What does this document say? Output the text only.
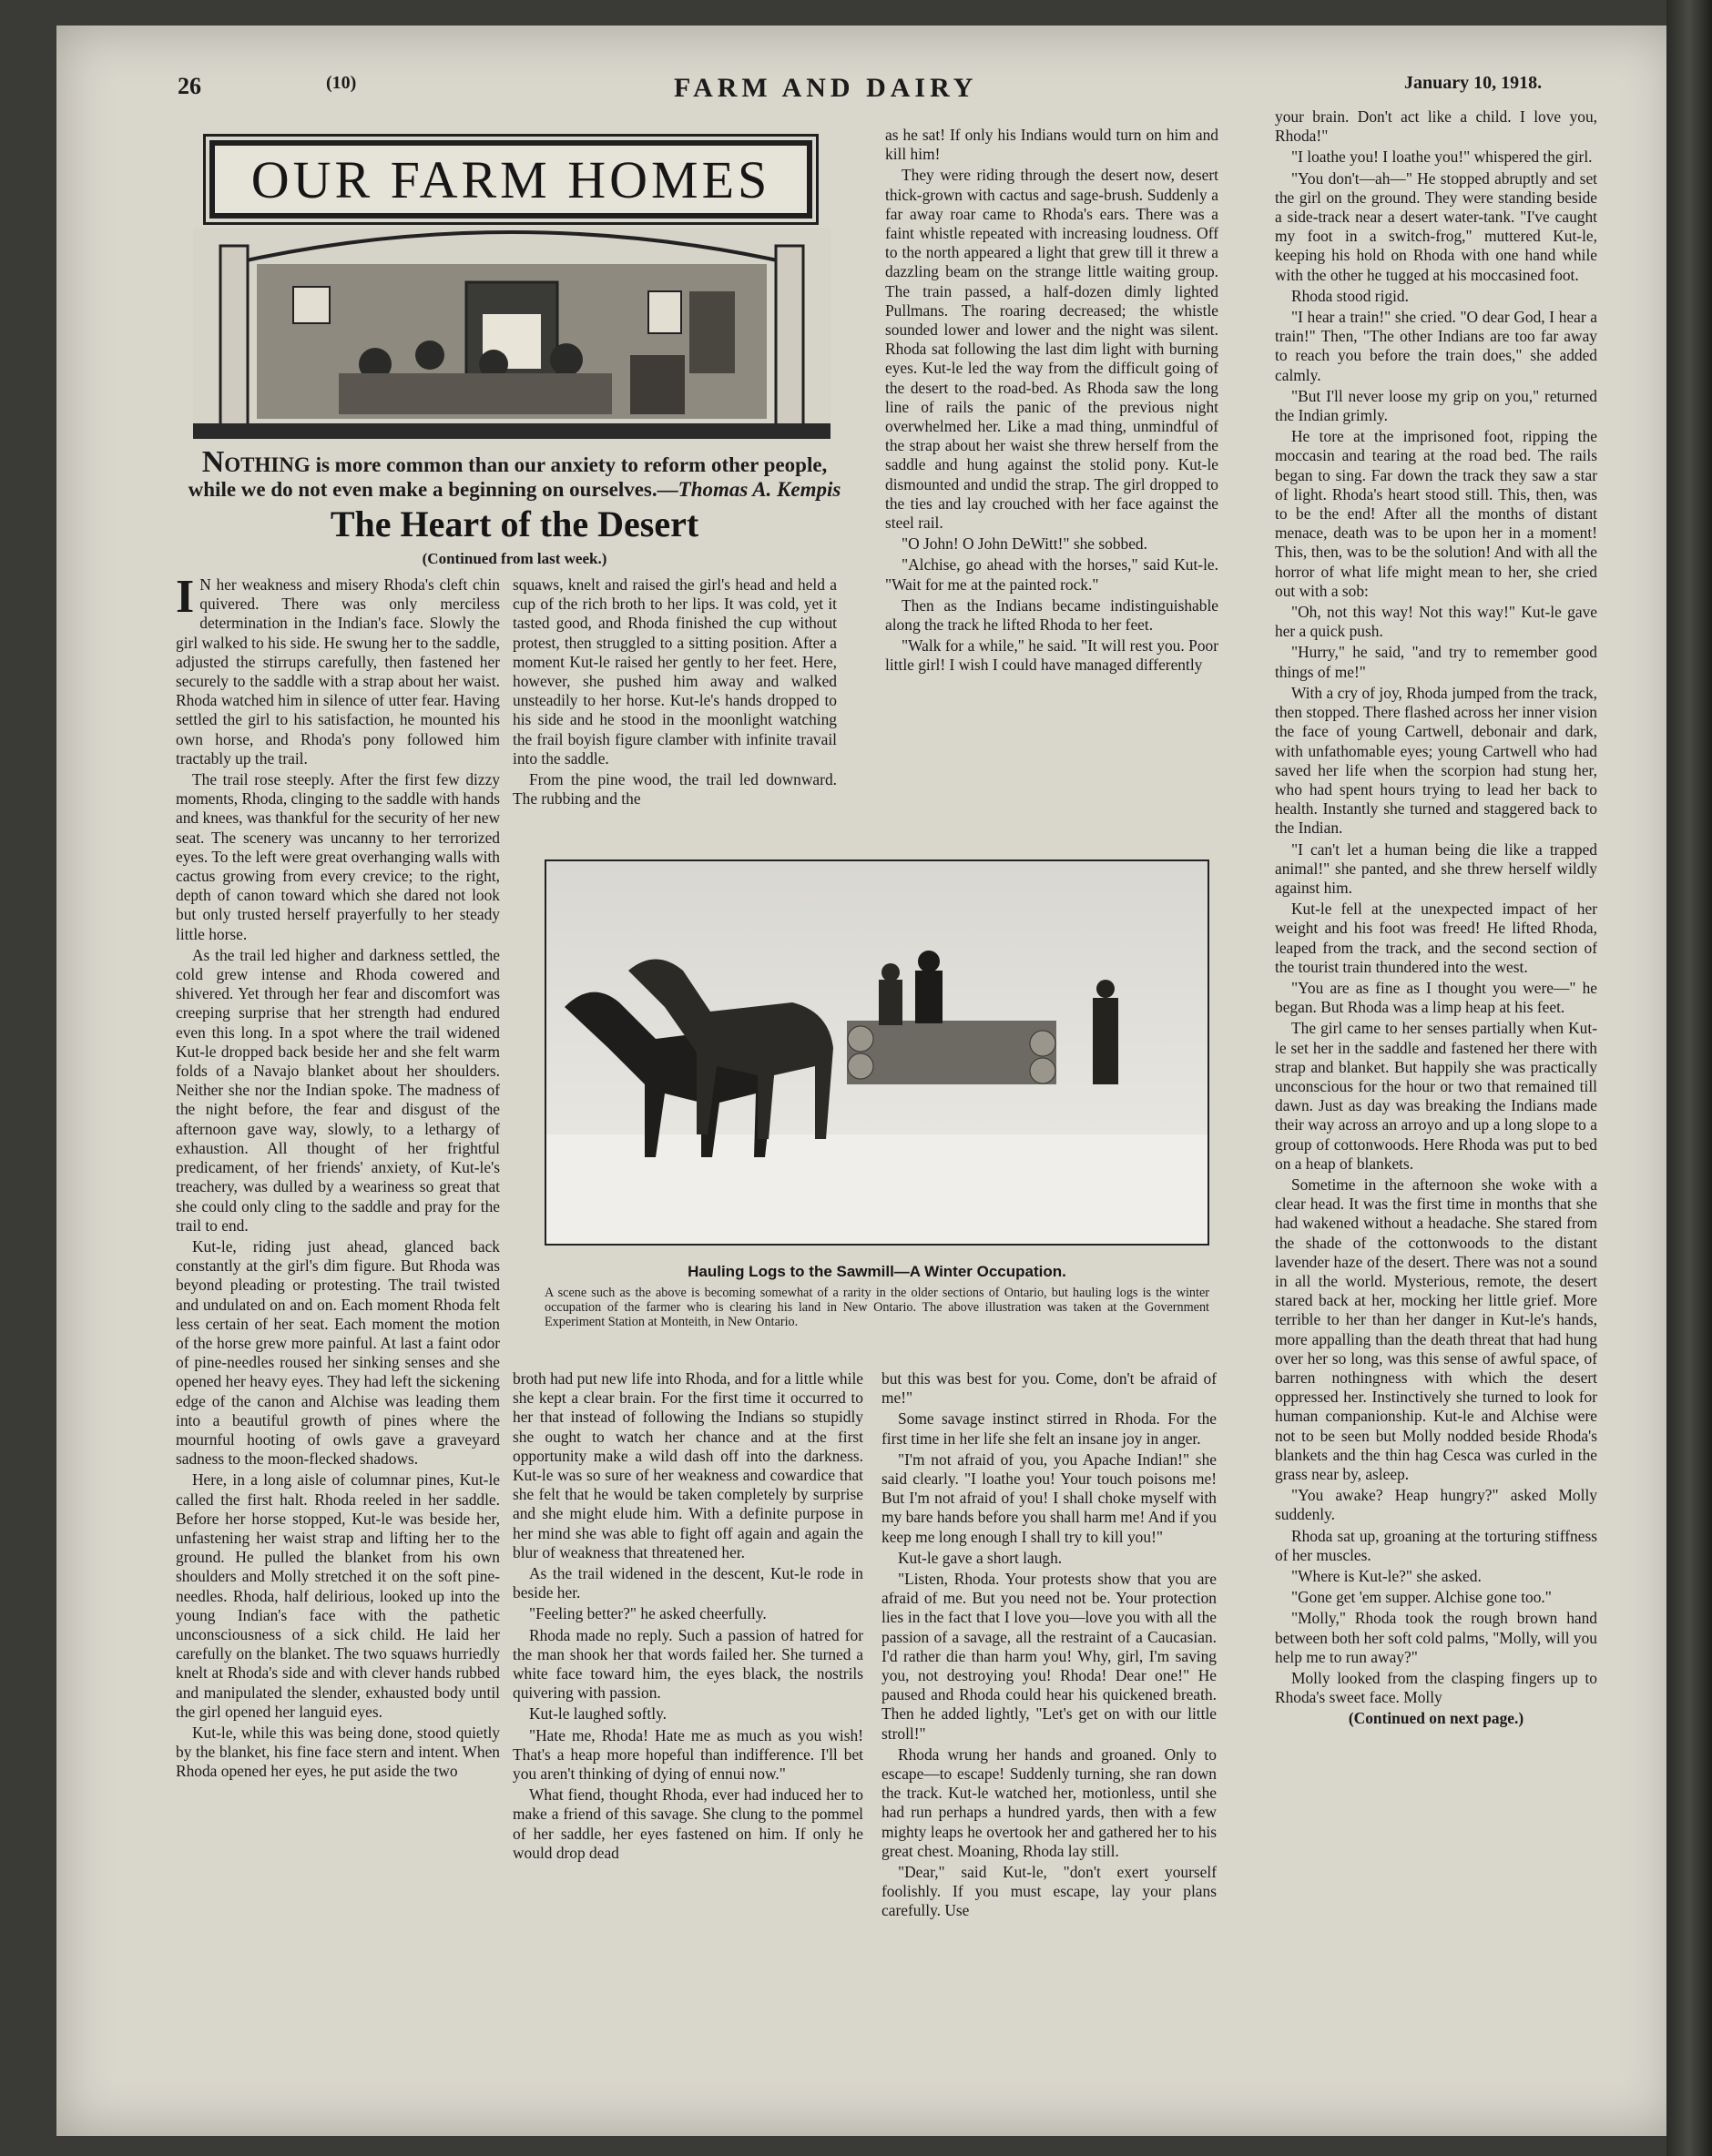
26	(10)	FARM AND DAIRY	January 10, 1918.
OUR FARM HOMES
NOTHING is more common than our anxiety to reform other people, while we do not even make a beginning on ourselves.—Thomas A. Kempis
The Heart of the Desert
(Continued from last week.)

I N her weakness and misery Rhoda's cleft chin quivered. There was only merciless determination in the Indian's face. Slowly the girl walked to his side. He swung her to the saddle, adjusted the stirrups carefully, then fastened her securely to the saddle with a strap about her waist. Rhoda watched him in silence of utter fear. Having settled the girl to his satisfaction, he mounted his own horse, and Rhoda's pony followed him tractably up the trail.

The trail rose steeply. After the first few dizzy moments, Rhoda, clinging to the saddle with hands and knees, was thankful for the security of her new seat. The scenery was uncanny to her terrorized eyes. To the left were great overhanging walls with cactus growing from every crevice; to the right, depth of canon toward which she dared not look but only trusted herself prayerfully to her steady little horse.

As the trail led higher and darkness settled, the cold grew intense and Rhoda cowered and shivered. Yet through her fear and discomfort was creeping surprise that her strength had endured even this long. In a spot where the trail widened Kut-le dropped back beside her and she felt warm folds of a Navajo blanket about her shoulders. Neither she nor the Indian spoke. The madness of the night before, the fear and disgust of the afternoon gave way, slowly, to a lethargy of exhaustion. All thought of her frightful predicament, of her friends' anxiety, of Kut-le's treachery, was dulled by a weariness so great that she could only cling to the saddle and pray for the trail to end.

Kut-le, riding just ahead, glanced back constantly at the girl's dim figure. But Rhoda was beyond pleading or protesting. The trail twisted and undulated on and on. Each moment Rhoda felt less certain of her seat. Each moment the motion of the horse grew more painful. At last a faint odor of pine-needles roused her sinking senses and she opened her heavy eyes. They had left the sickening edge of the canon and Alchise was leading them into a beautiful growth of pines where the mournful hooting of owls gave a graveyard sadness to the moon-flecked shadows.

Here, in a long aisle of columnar pines, Kut-le called the first halt. Rhoda reeled in her saddle. Before her horse stopped, Kut-le was beside her, unfastening her waist strap and lifting her to the ground. He pulled the blanket from his own shoulders and Molly stretched it on the soft pine-needles. Rhoda, half delirious, looked up into the young Indian's face with the pathetic unconsciousness of a sick child. He laid her carefully on the blanket. The two squaws hurriedly knelt at Rhoda's side and with clever hands rubbed and manipulated the slender, exhausted body until the girl opened her languid eyes.

Kut-le, while this was being done, stood quietly by the blanket, his fine face stern and intent. When Rhoda opened her eyes, he put aside the two

squaws, knelt and raised the girl's head and held a cup of the rich broth to her lips. It was cold, yet it tasted good, and Rhoda finished the cup without protest, then struggled to a sitting position. After a moment Kut-le raised her gently to her feet. Here, however, she pushed him away and walked unsteadily to her horse. Kut-le's hands dropped to his side and he stood in the moonlight watching the frail boyish figure clamber with infinite travail into the saddle.

From the pine wood, the trail led downward. The rubbing and the

as he sat! If only his Indians would turn on him and kill him!

They were riding through the desert now, desert thick-grown with cactus and sage-brush. Suddenly a far away roar came to Rhoda's ears. There was a faint whistle repeated with increasing loudness. Off to the north appeared a light that grew till it threw a dazzling beam on the strange little waiting group. The train passed, a half-dozen dimly lighted Pullmans. The roaring decreased; the whistle sounded lower and lower and the night was silent. Rhoda sat following the last dim light with burning eyes. Kut-le led the way from the difficult going of the desert to the road-bed. As Rhoda saw the long line of rails the panic of the previous night overwhelmed her. Like a mad thing, unmindful of the strap about her waist she threw herself from the saddle and hung against the stolid pony. Kut-le dismounted and undid the strap. The girl dropped to the ties and lay crouched with her face against the steel rail.

"O John! O John DeWitt!" she sobbed.

"Alchise, go ahead with the horses," said Kut-le. "Wait for me at the painted rock."

Then as the Indians became indistinguishable along the track he lifted Rhoda to her feet.

"Walk for a while," he said. "It will rest you. Poor little girl! I wish I could have managed differently

your brain. Don't act like a child. I love you, Rhoda!"

"I loathe you! I loathe you!" whispered the girl.

"You don't—ah—" He stopped abruptly and set the girl on the ground. They were standing beside a side-track near a desert water-tank. "I've caught my foot in a switch-frog," muttered Kut-le, keeping his hold on Rhoda with one hand while with the other he tugged at his moccasined foot.

Rhoda stood rigid.

"I hear a train!" she cried. "O dear God, I hear a train!" Then, "The other Indians are too far away to reach you before the train does," she added calmly.

"But I'll never loose my grip on you," returned the Indian grimly.

He tore at the imprisoned foot, ripping the moccasin and tearing at the road bed. The rails began to sing. Far down the track they saw a star of light. Rhoda's heart stood still. This, then, was to be the end! After all the months of distant menace, death was to be upon her in a moment! This, then, was to be the solution! And with all the horror of what life might mean to her, she cried out with a sob:

"Oh, not this way! Not this way!" Kut-le gave her a quick push.

"Hurry," he said, "and try to remember good things of me!"

With a cry of joy, Rhoda jumped from the track, then stopped. There flashed across her inner vision the face of young Cartwell, debonair and dark, with unfathomable eyes; young Cartwell who had saved her life when the scorpion had stung her, who had spent hours trying to lead her back to health. Instantly she turned and staggered back to the Indian.

"I can't let a human being die like a trapped animal!" she panted, and she threw herself wildly against him.

Kut-le fell at the unexpected impact of her weight and his foot was freed! He lifted Rhoda, leaped from the track, and the second section of the tourist train thundered into the west.

"You are as fine as I thought you were—" he began. But Rhoda was a limp heap at his feet.

The girl came to her senses partially when Kut-le set her in the saddle and fastened her there with strap and blanket. But happily she was practically unconscious for the hour or two that remained till dawn. Just as day was breaking the Indians made their way across an arroyo and up a long slope to a group of cottonwoods. Here Rhoda was put to bed on a heap of blankets.

Sometime in the afternoon she woke with a clear head. It was the first time in months that she had wakened without a headache. She stared from the shade of the cottonwoods to the distant lavender haze of the desert. There was not a sound in all the world. Mysterious, remote, the desert stared back at her, mocking her little grief. More terrible to her than her danger in Kut-le's hands, more appalling than the death threat that had hung over her so long, was this sense of awful space, of barren nothingness with which the desert oppressed her. Instinctively she turned to look for human companionship. Kut-le and Alchise were not to be seen but Molly nodded beside Rhoda's blankets and the thin hag Cesca was curled in the grass near by, asleep.

"You awake? Heap hungry?" asked Molly suddenly.

Rhoda sat up, groaning at the torturing stiffness of her muscles.

"Where is Kut-le?" she asked.

"Gone get 'em supper. Alchise gone too."

"Molly," Rhoda took the rough brown hand between both her soft cold palms, "Molly, will you help me to run away?"

Molly looked from the clasping fingers up to Rhoda's sweet face. Molly

(Continued on next page.)

Hauling Logs to the Sawmill—A Winter Occupation.
A scene such as the above is becoming somewhat of a rarity in the older sections of Ontario, but hauling logs is the winter occupation of the farmer who is clearing his land in New Ontario. The above illustration was taken at the Government Experiment Station at Monteith, in New Ontario.

broth had put new life into Rhoda, and for a little while she kept a clear brain. For the first time it occurred to her that instead of following the Indians so stupidly she ought to watch her chance and at the first opportunity make a wild dash off into the darkness. Kut-le was so sure of her weakness and cowardice that she felt that he would be taken completely by surprise and she might elude him. With a definite purpose in her mind she was able to fight off again and again the blur of weakness that threatened her.

As the trail widened in the descent, Kut-le rode in beside her.

"Feeling better?" he asked cheerfully.

Rhoda made no reply. Such a passion of hatred for the man shook her that words failed her. She turned a white face toward him, the eyes black, the nostrils quivering with passion.

Kut-le laughed softly.

"Hate me, Rhoda! Hate me as much as you wish! That's a heap more hopeful than indifference. I'll bet you aren't thinking of dying of ennui now."

What fiend, thought Rhoda, ever had induced her to make a friend of this savage. She clung to the pommel of her saddle, her eyes fastened on him. If only he would drop dead

but this was best for you. Come, don't be afraid of me!"

Some savage instinct stirred in Rhoda. For the first time in her life she felt an insane joy in anger.

"I'm not afraid of you, you Apache Indian!" she said clearly. "I loathe you! Your touch poisons me! But I'm not afraid of you! I shall choke myself with my bare hands before you shall harm me! And if you keep me long enough I shall try to kill you!"

Kut-le gave a short laugh.

"Listen, Rhoda. Your protests show that you are afraid of me. But you need not be. Your protection lies in the fact that I love you—love you with all the passion of a savage, all the restraint of a Caucasian. I'd rather die than harm you! Why, girl, I'm saving you, not destroying you! Rhoda! Dear one!" He paused and Rhoda could hear his quickened breath. Then he added lightly, "Let's get on with our little stroll!"

Rhoda wrung her hands and groaned. Only to escape—to escape! Suddenly turning, she ran down the track. Kut-le watched her, motionless, until she had run perhaps a hundred yards, then with a few mighty leaps he overtook her and gathered her to his great chest. Moaning, Rhoda lay still.

"Dear," said Kut-le, "don't exert yourself foolishly. If you must escape, lay your plans carefully. Use
